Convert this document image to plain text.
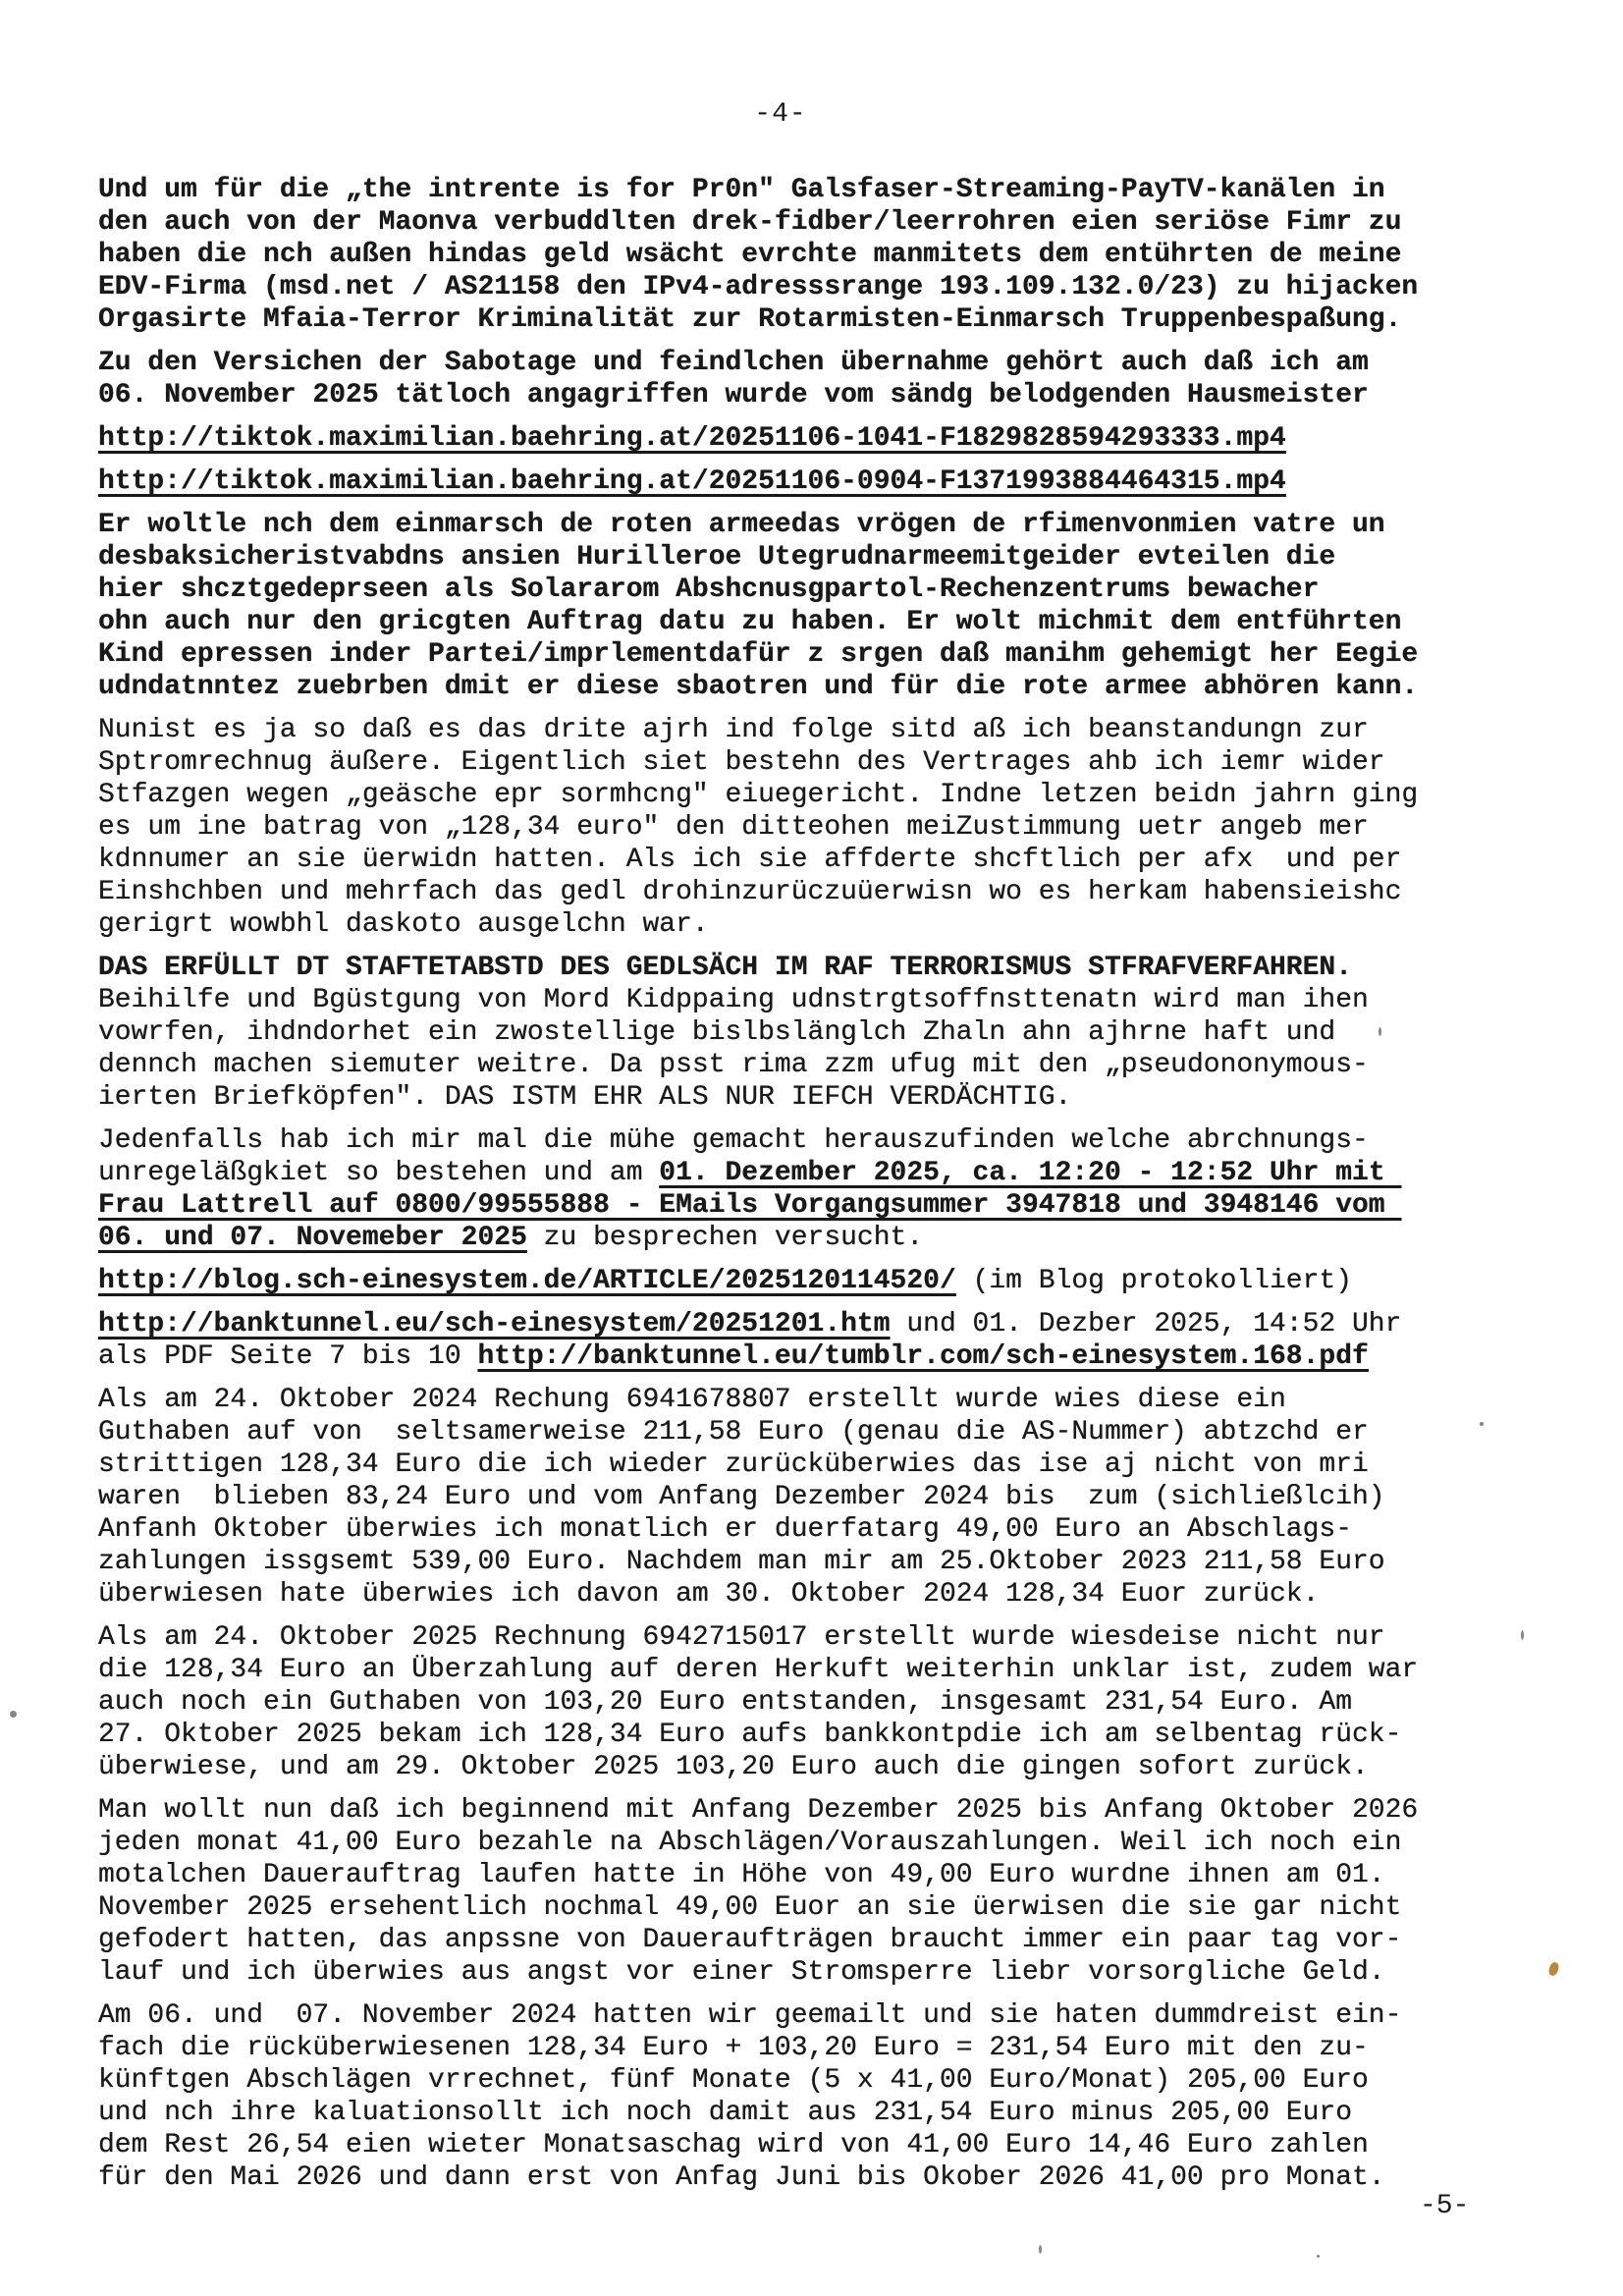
-4-
Und um für die „the intrente is for Pr0n" Galsfaser-Streaming-PayTV-kanälen in
den auch von der Maonva verbuddlten drek-fidber/leerrohren eien seriöse Fimr zu
haben die nch außen hindas geld wsächt evrchte manmitets dem entührten de meine
EDV-Firma (msd.net / AS21158 den IPv4-adresssrange 193.109.132.0/23) zu hijacken
Orgasirte Mfaia-Terror Kriminalität zur Rotarmisten-Einmarsch Truppenbespaßung.
Zu den Versichen der Sabotage und feindlchen übernahme gehört auch daß ich am
06. November 2025 tätloch angagriffen wurde vom sändg belodgenden Hausmeister
http://tiktok.maximilian.baehring.at/20251106-1041-F1829828594293333.mp4
http://tiktok.maximilian.baehring.at/20251106-0904-F1371993884464315.mp4
Er woltle nch dem einmarsch de roten armeedas vrögen de rfimenvonmien vatre un
desbaksicheristvabdns ansien Hurilleroe Utegrudnarmeemitgeider evteilen die
hier shcztgedeprseen als Solararom Abshcnusgpartol-Rechenzentrums bewacher
ohn auch nur den gricgten Auftrag datu zu haben. Er wolt michmit dem entführten
Kind epressen inder Partei/imprlementdafür z srgen daß manihm gehemigt her Eegie
udndatnntez zuebrben dmit er diese sbaotren und für die rote armee abhören kann.
Nunist es ja so daß es das drite ajrh ind folge sitd aß ich beanstandungn zur
Sptromrechnug äußere. Eigentlich siet bestehn des Vertrages ahb ich iemr wider
Stfazgen wegen „geäsche epr sormhcng" eiuegericht. Indne letzen beidn jahrn ging
es um ine batrag von „128,34 euro" den ditteohen meiZustimmung uetr angeb mer
kdnnumer an sie üerwidn hatten. Als ich sie affderte shcftlich per afx  und per
Einshchben und mehrfach das gedl drohinzurüczuüerwisn wo es herkam habensieishc
gerigrt wowbhl daskoto ausgelchn war.
DAS ERFÜLLT DT STAFTETABSTD DES GEDLSÄCH IM RAF TERRORISMUS STFRAFVERFAHREN.
Beihilfe und Bgüstgung von Mord Kidppaing udnstrgtsoffnsttenatn wird man ihen
vowrfen, ihdndorhet ein zwostellige bislbslänglch Zhaln ahn ajhrne haft und
dennch machen siemuter weitre. Da psst rima zzm ufug mit den „pseudononymous-
ierten Briefköpfen". DAS ISTM EHR ALS NUR IEFCH VERDÄCHTIG.
Jedenfalls hab ich mir mal die mühe gemacht herauszufinden welche abrchnungs-
unregeläßgkiet so bestehen und am 01. Dezember 2025, ca. 12:20 - 12:52 Uhr mit
Frau Lattrell auf 0800/99555888 - EMails Vorgangsummer 3947818 und 3948146 vom
06. und 07. Novemeber 2025 zu besprechen versucht.
http://blog.sch-einesystem.de/ARTICLE/2025120114520/ (im Blog protokolliert)
http://banktunnel.eu/sch-einesystem/20251201.htm und 01. Dezber 2025, 14:52 Uhr
als PDF Seite 7 bis 10 http://banktunnel.eu/tumblr.com/sch-einesystem.168.pdf
Als am 24. Oktober 2024 Rechung 6941678807 erstellt wurde wies diese ein
Guthaben auf von  seltsamerweise 211,58 Euro (genau die AS-Nummer) abtzchd er
strittigen 128,34 Euro die ich wieder zurücküberwies das ise aj nicht von mri
waren  blieben 83,24 Euro und vom Anfang Dezember 2024 bis  zum (sichließlcih)
Anfanh Oktober überwies ich monatlich er duerfatarg 49,00 Euro an Abschlags-
zahlungen issgsemt 539,00 Euro. Nachdem man mir am 25.Oktober 2023 211,58 Euro
überwiesen hate überwies ich davon am 30. Oktober 2024 128,34 Euor zurück.
Als am 24. Oktober 2025 Rechnung 6942715017 erstellt wurde wiesdeise nicht nur
die 128,34 Euro an Überzahlung auf deren Herkuft weiterhin unklar ist, zudem war
auch noch ein Guthaben von 103,20 Euro entstanden, insgesamt 231,54 Euro. Am
27. Oktober 2025 bekam ich 128,34 Euro aufs bankkontpdie ich am selbentag rück-
überwiese, und am 29. Oktober 2025 103,20 Euro auch die gingen sofort zurück.
Man wollt nun daß ich beginnend mit Anfang Dezember 2025 bis Anfang Oktober 2026
jeden monat 41,00 Euro bezahle na Abschlägen/Vorauszahlungen. Weil ich noch ein
motalchen Dauerauftrag laufen hatte in Höhe von 49,00 Euro wurdne ihnen am 01.
November 2025 ersehentlich nochmal 49,00 Euor an sie üerwisen die sie gar nicht
gefodert hatten, das anpssne von Daueraufträgen braucht immer ein paar tag vor-
lauf und ich überwies aus angst vor einer Stromsperre liebr vorsorgliche Geld.
Am 06. und  07. November 2024 hatten wir geemailt und sie haten dummdreist ein-
fach die rücküberwiesenen 128,34 Euro + 103,20 Euro = 231,54 Euro mit den zu-
künftgen Abschlägen vrrechnet, fünf Monate (5 x 41,00 Euro/Monat) 205,00 Euro
und nch ihre kaluationsollt ich noch damit aus 231,54 Euro minus 205,00 Euro
dem Rest 26,54 eien wieter Monatsaschag wird von 41,00 Euro 14,46 Euro zahlen
für den Mai 2026 und dann erst von Anfag Juni bis Okober 2026 41,00 pro Monat.
-5-
